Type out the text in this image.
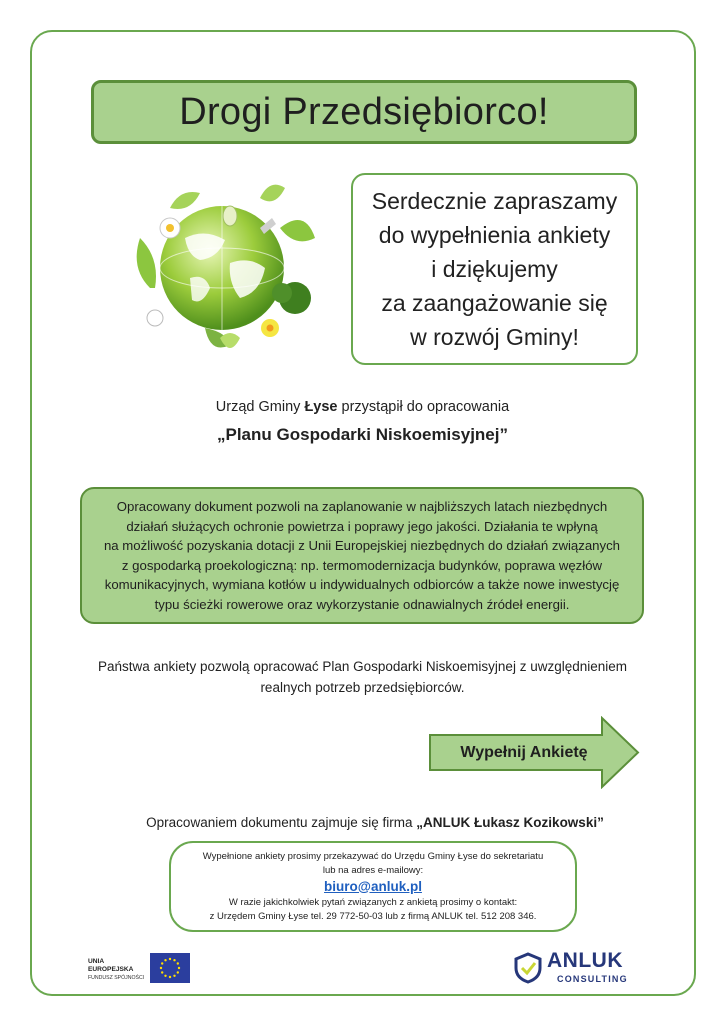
Drogi Przedsiębiorco!
Serdecznie zapraszamy
do wypełnienia ankiety
i dziękujemy
za zaangażowanie się
w rozwój Gminy!
Urząd Gminy Łyse przystąpił do opracowania
„Planu Gospodarki Niskoemisyjnej”
Opracowany dokument pozwoli na zaplanowanie w najbliższych latach niezbędnych
działań służących ochronie powietrza i poprawy jego jakości. Działania te wpłyną
na możliwość pozyskania dotacji z Unii Europejskiej niezbędnych do działań związanych
z gospodarką proekologiczną: np. termomodernizacja budynków, poprawa węzłów
komunikacyjnych, wymiana kotłów u indywidualnych odbiorców a także nowe inwestycję
typu ścieżki rowerowe oraz wykorzystanie odnawialnych źródeł energii.
Państwa ankiety pozwolą opracować Plan Gospodarki Niskoemisyjnej z uwzględnieniem
realnych potrzeb przedsiębiorców.
Wypełnij Ankietę
Opracowaniem dokumentu zajmuje się firma „ANLUK Łukasz Kozikowski”
Wypełnione ankiety prosimy przekazywać do Urzędu Gminy Łyse do sekretariatu
lub na adres e-mailowy:
biuro@anluk.pl
W razie jakichkolwiek pytań związanych z ankietą prosimy o kontakt:
z Urzędem Gminy Łyse tel. 29 772-50-03 lub z firmą ANLUK tel. 512 208 346.
UNIA EUROPEJSKA
FUNDUSZ SPÓJNOŚCI
ANLUK
CONSULTING
